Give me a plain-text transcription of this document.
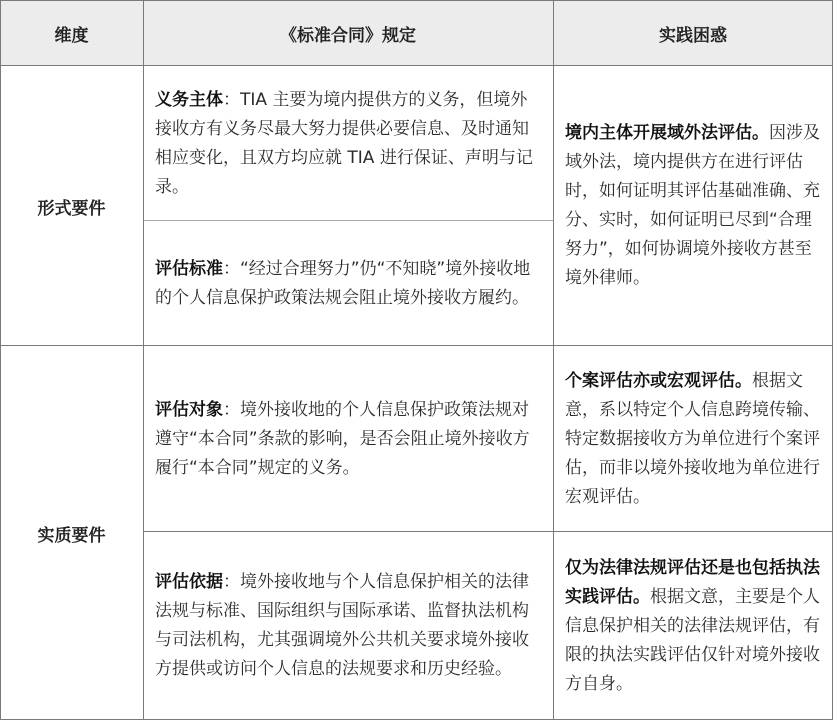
维度	《标准合同》规定	实践困惑
形式要件

义务主体：TIA 主要为境内提供方的义务，但境外接收方有义务尽最大努力提供必要信息、及时通知相应变化，且双方均应就 TIA 进行保证、声明与记录。

评估标准：“经过合理努力”仍“不知晓”境外接收地的个人信息保护政策法规会阻止境外接收方履约。

境内主体开展域外法评估。因涉及域外法，境内提供方在进行评估时，如何证明其评估基础准确、充分、实时，如何证明已尽到“合理努力”，如何协调境外接收方甚至境外律师。

实质要件

评估对象：境外接收地的个人信息保护政策法规对遵守“本合同”条款的影响，是否会阻止境外接收方履行“本合同”规定的义务。

评估依据：境外接收地与个人信息保护相关的法律法规与标准、国际组织与国际承诺、监督执法机构与司法机构，尤其强调境外公共机关要求境外接收方提供或访问个人信息的法规要求和历史经验。

个案评估亦或宏观评估。根据文意，系以特定个人信息跨境传输、特定数据接收方为单位进行个案评估，而非以境外接收地为单位进行宏观评估。

仅为法律法规评估还是也包括执法实践评估。根据文意，主要是个人信息保护相关的法律法规评估，有限的执法实践评估仅针对境外接收方自身。
